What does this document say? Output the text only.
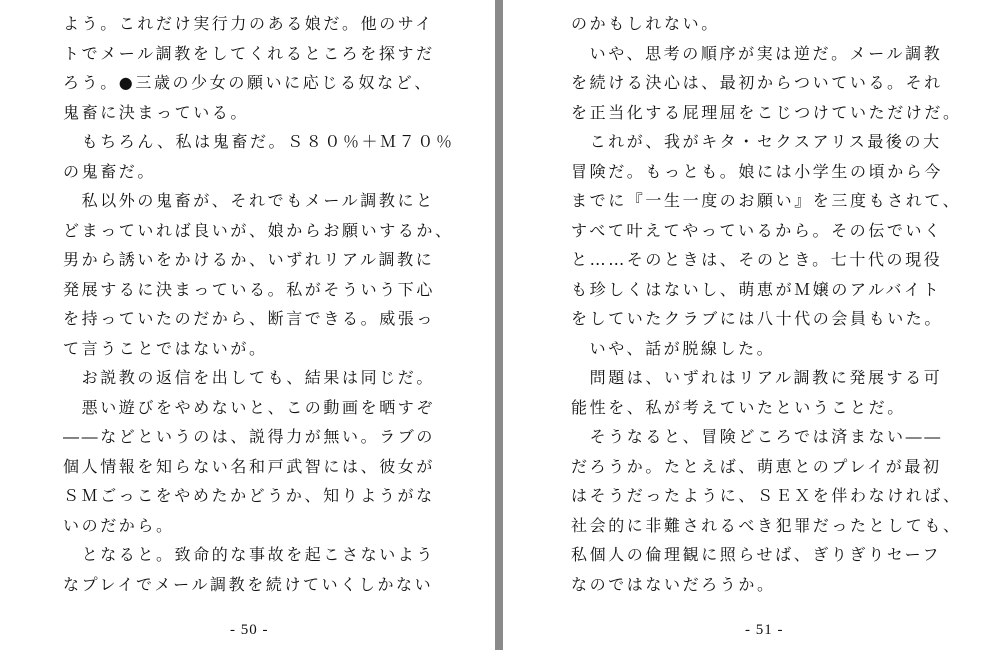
よう。これだけ実行力のある娘だ。他のサイ
トでメール調教をしてくれるところを探すだ
ろう。●三歳の少女の願いに応じる奴など、
鬼畜に決まっている。
　もちろん、私は鬼畜だ。Ｓ８０％＋Ｍ７０％
の鬼畜だ。
　私以外の鬼畜が、それでもメール調教にと
どまっていれば良いが、娘からお願いするか、
男から誘いをかけるか、いずれリアル調教に
発展するに決まっている。私がそういう下心
を持っていたのだから、断言できる。威張っ
て言うことではないが。
　お説教の返信を出しても、結果は同じだ。
　悪い遊びをやめないと、この動画を晒すぞ
――などというのは、説得力が無い。ラブの
個人情報を知らない名和戸武智には、彼女が
ＳＭごっこをやめたかどうか、知りようがな
いのだから。
　となると。致命的な事故を起こさないよう
なプレイでメール調教を続けていくしかない
- 50 -
のかもしれない。
　いや、思考の順序が実は逆だ。メール調教
を続ける決心は、最初からついている。それ
を正当化する屁理屈をこじつけていただけだ。
　これが、我がキタ・セクスアリス最後の大
冒険だ。もっとも。娘には小学生の頃から今
までに『一生一度のお願い』を三度もされて、
すべて叶えてやっているから。その伝でいく
と……そのときは、そのとき。七十代の現役
も珍しくはないし、萌恵がＭ嬢のアルバイト
をしていたクラブには八十代の会員もいた。
　いや、話が脱線した。
　問題は、いずれはリアル調教に発展する可
能性を、私が考えていたということだ。
　そうなると、冒険どころでは済まない――
だろうか。たとえば、萌恵とのプレイが最初
はそうだったように、ＳＥＸを伴わなければ、
社会的に非難されるべき犯罪だったとしても、
私個人の倫理観に照らせば、ぎりぎりセーフ
なのではないだろうか。
- 51 -
